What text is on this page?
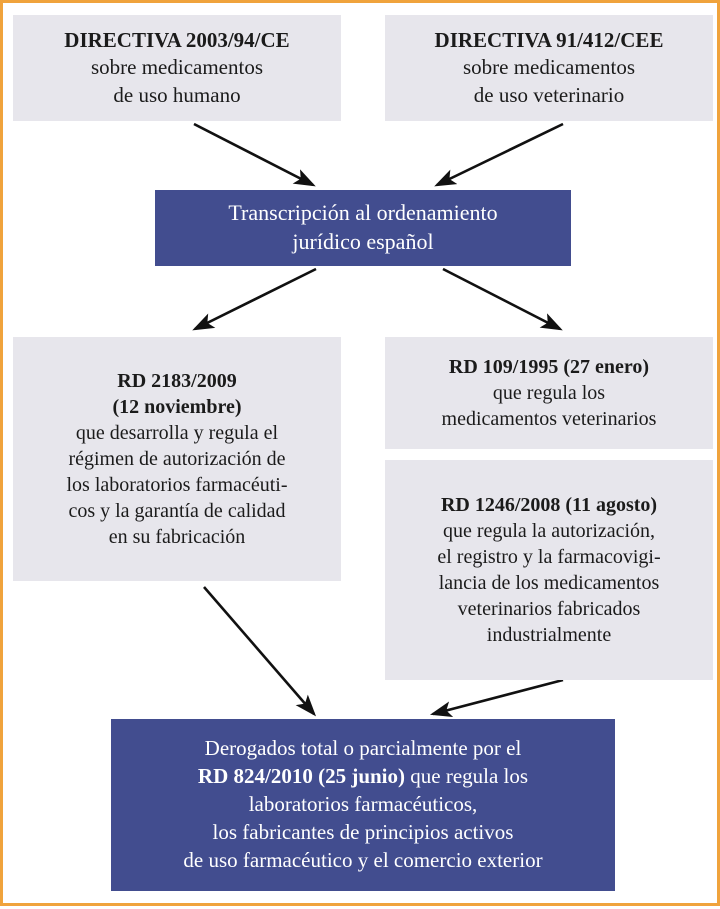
DIRECTIVA 2003/94/CE
sobre medicamentos
de uso humano
DIRECTIVA 91/412/CEE
sobre medicamentos
de uso veterinario
Transcripción al ordenamiento
jurídico español
RD 2183/2009
(12 noviembre)
que desarrolla y regula el
régimen de autorización de
los laboratorios farmacéuti-
cos y la garantía de calidad
en su fabricación
RD 109/1995 (27 enero)
que regula los
medicamentos veterinarios
RD 1246/2008 (11 agosto)
que regula la autorización,
el registro y la farmacovigi-
lancia de los medicamentos
veterinarios fabricados
industrialmente
Derogados total o parcialmente por el
RD 824/2010 (25 junio) que regula los
laboratorios farmacéuticos,
los fabricantes de principios activos
de uso farmacéutico y el comercio exterior
